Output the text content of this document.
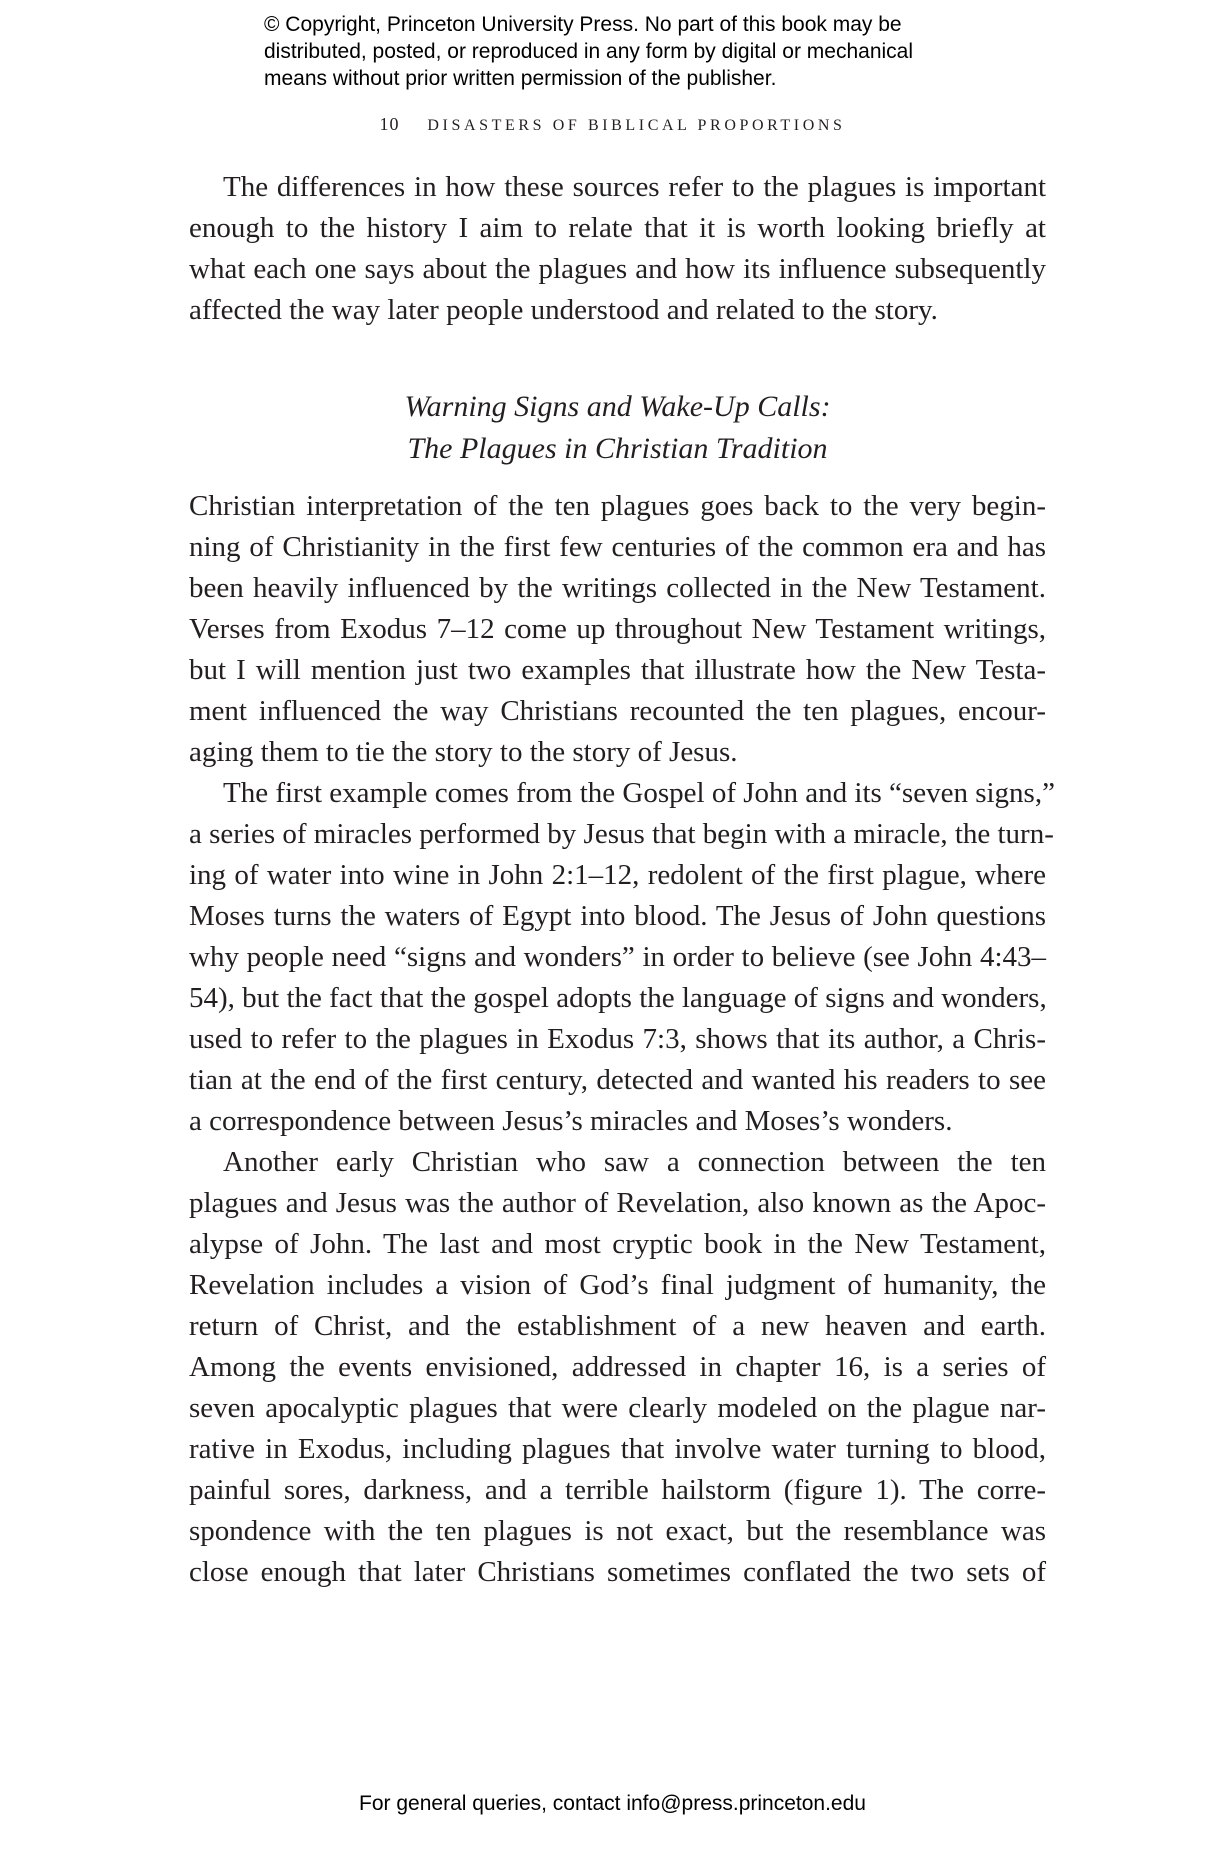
© Copyright, Princeton University Press. No part of this book may be
distributed, posted, or reproduced in any form by digital or mechanical
means without prior written permission of the publisher.
10 DISASTERS OF BIBLICAL PROPORTIONS
The differences in how these sources refer to the plagues is important
enough to the history I aim to relate that it is worth looking briefly at
what each one says about the plagues and how its influence subsequently
affected the way later people understood and related to the story.
Warning Signs and Wake-Up Calls:
The Plagues in Christian Tradition
Christian interpretation of the ten plagues goes back to the very begin-
ning of Christianity in the first few centuries of the common era and has
been heavily influenced by the writings collected in the New Testament.
Verses from Exodus 7–12 come up throughout New Testament writings,
but I will mention just two examples that illustrate how the New Testa-
ment influenced the way Christians recounted the ten plagues, encour-
aging them to tie the story to the story of Jesus.
The first example comes from the Gospel of John and its “seven signs,”
a series of miracles performed by Jesus that begin with a miracle, the turn-
ing of water into wine in John 2:1–12, redolent of the first plague, where
Moses turns the waters of Egypt into blood. The Jesus of John questions
why people need “signs and wonders” in order to believe (see John 4:43–
54), but the fact that the gospel adopts the language of signs and wonders,
used to refer to the plagues in Exodus 7:3, shows that its author, a Chris-
tian at the end of the first century, detected and wanted his readers to see
a correspondence between Jesus’s miracles and Moses’s wonders.
Another early Christian who saw a connection between the ten
plagues and Jesus was the author of Revelation, also known as the Apoc-
alypse of John. The last and most cryptic book in the New Testament,
Revelation includes a vision of God’s final judgment of humanity, the
return of Christ, and the establishment of a new heaven and earth.
Among the events envisioned, addressed in chapter 16, is a series of
seven apocalyptic plagues that were clearly modeled on the plague nar-
rative in Exodus, including plagues that involve water turning to blood,
painful sores, darkness, and a terrible hailstorm (figure 1). The corre-
spondence with the ten plagues is not exact, but the resemblance was
close enough that later Christians sometimes conflated the two sets of
For general queries, contact info@press.princeton.edu
